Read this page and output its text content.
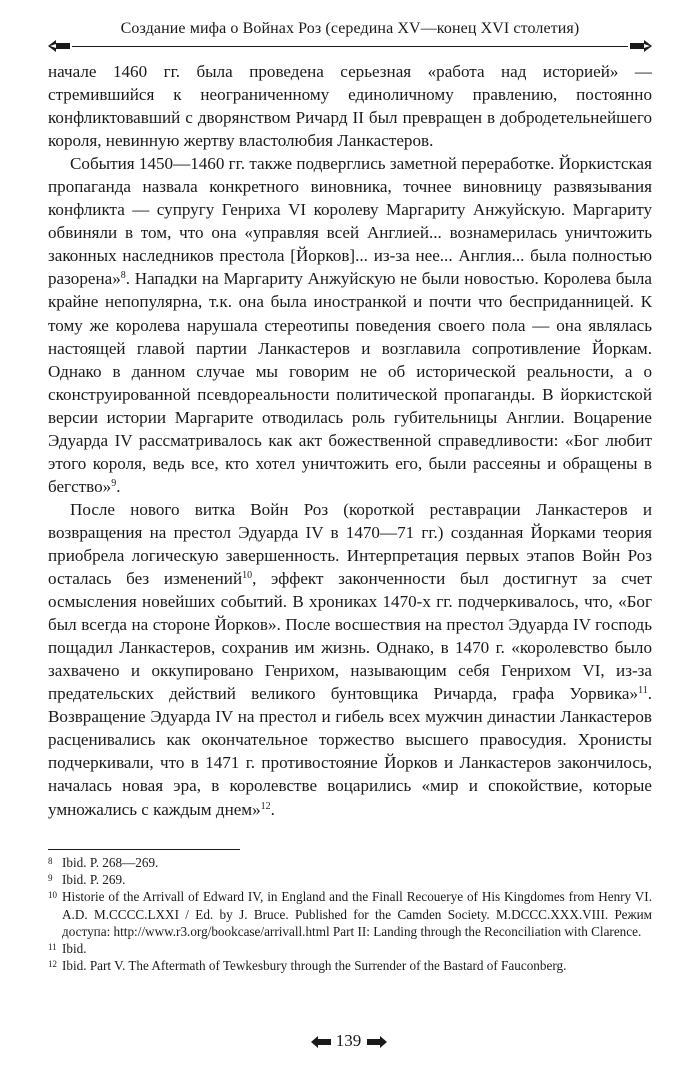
Создание мифа о Войнах Роз (середина XV—конец XVI столетия)

начале 1460 гг. была проведена серьезная «работа над историей» — стремившийся к неограниченному единоличному правлению, постоянно конфликтовавший с дворянством Ричард II был превращен в добродетельнейшего короля, невинную жертву властолюбия Ланкастеров.

События 1450—1460 гг. также подверглись заметной переработке. Йоркистская пропаганда назвала конкретного виновника, точнее виновницу развязывания конфликта — супругу Генриха VI королеву Маргариту Анжуйскую. Маргариту обвиняли в том, что она «управляя всей Англией... вознамерилась уничтожить законных наследников престола [Йорков]... из-за нее... Англия... была полностью разорена»$^8$. Нападки на Маргариту Анжуйскую не были новостью. Королева была крайне непопулярна, т.к. она была иностранкой и почти что бесприданницей. К тому же королева нарушала стереотипы поведения своего пола — она являлась настоящей главой партии Ланкастеров и возглавила сопротивление Йоркам. Однако в данном случае мы говорим не об исторической реальности, а о сконструированной псевдореальности политической пропаганды. В йоркистской версии истории Маргарите отводилась роль губительницы Англии. Воцарение Эдуарда IV рассматривалось как акт божественной справедливости: «Бог любит этого короля, ведь все, кто хотел уничтожить его, были рассеяны и обращены в бегство»$^9$.

После нового витка Войн Роз (короткой реставрации Ланкастеров и возвращения на престол Эдуарда IV в 1470—71 гг.) созданная Йорками теория приобрела логическую завершенность. Интерпретация первых этапов Войн Роз осталась без изменений$^{10}$, эффект законченности был достигнут за счет осмысления новейших событий. В хрониках 1470-х гг. подчеркивалось, что, «Бог был всегда на стороне Йорков». После восшествия на престол Эдуарда IV господь пощадил Ланкастеров, сохранив им жизнь. Однако, в 1470 г. «королевство было захвачено и оккупировано Генрихом, называющим себя Генрихом VI, из-за предательских действий великого бунтовщика Ричарда, графа Уорвика»$^{11}$. Возвращение Эдуарда IV на престол и гибель всех мужчин династии Ланкастеров расценивались как окончательное торжество высшего правосудия. Хронисты подчеркивали, что в 1471 г. противостояние Йорков и Ланкастеров закончилось, началась новая эра, в королевстве воцарились «мир и спокойствие, которые умножались с каждым днем»$^{12}$.

8 Ibid. P. 268—269.
9 Ibid. P. 269.
10 Historie of the Arrivall of Edward IV, in England and the Finall Recouerye of His Kingdomes from Henry VI. A.D. M.CCCC.LXXI / Ed. by J. Bruce. Published for the Camden Society. M.DCCC.XXX.VIII. Режим доступа: http://www.r3.org/bookcase/arrivall.html Part II: Landing through the Reconciliation with Clarence.
11 Ibid.
12 Ibid. Part V. The Aftermath of Tewkesbury through the Surrender of the Bastard of Fauconberg.
139
